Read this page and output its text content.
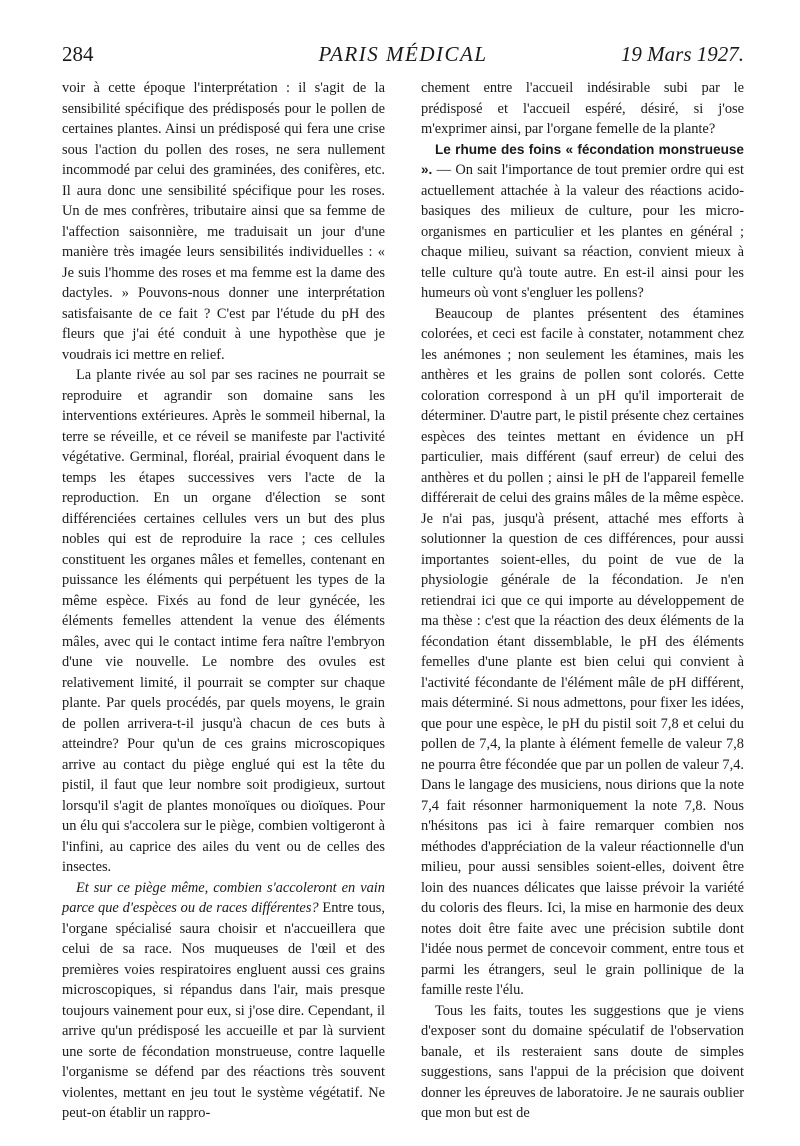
284	PARIS MÉDICAL	19 Mars 1927.

voir à cette époque l'interprétation : il s'agit de la sensibilité spécifique des prédisposés pour le pollen de certaines plantes. Ainsi un prédisposé qui fera une crise sous l'action du pollen des roses, ne sera nullement incommodé par celui des graminées, des conifères, etc. Il aura donc une sensibilité spécifique pour les roses. Un de mes confrères, tributaire ainsi que sa femme de l'affection saisonnière, me traduisait un jour d'une manière très imagée leurs sensibilités individuelles : « Je suis l'homme des roses et ma femme est la dame des dactyles. » Pouvons-nous donner une interprétation satisfaisante de ce fait ? C'est par l'étude du pH des fleurs que j'ai été conduit à une hypothèse que je voudrais ici mettre en relief.

La plante rivée au sol par ses racines ne pourrait se reproduire et agrandir son domaine sans les interventions extérieures. Après le sommeil hibernal, la terre se réveille, et ce réveil se manifeste par l'activité végétative. Germinal, floréal, prairial évoquent dans le temps les étapes successives vers l'acte de la reproduction. En un organe d'élection se sont différenciées certaines cellules vers un but des plus nobles qui est de reproduire la race ; ces cellules constituent les organes mâles et femelles, contenant en puissance les éléments qui perpétuent les types de la même espèce. Fixés au fond de leur gynécée, les éléments femelles attendent la venue des éléments mâles, avec qui le contact intime fera naître l'embryon d'une vie nouvelle. Le nombre des ovules est relativement limité, il pourrait se compter sur chaque plante. Par quels procédés, par quels moyens, le grain de pollen arrivera-t-il jusqu'à chacun de ces buts à atteindre? Pour qu'un de ces grains microscopiques arrive au contact du piège englué qui est la tête du pistil, il faut que leur nombre soit prodigieux, surtout lorsqu'il s'agit de plantes monoïques ou dioïques. Pour un élu qui s'accolera sur le piège, combien voltigeront à l'infini, au caprice des ailes du vent ou de celles des insectes.

Et sur ce piège même, combien s'accoleront en vain parce que d'espèces ou de races différentes? Entre tous, l'organe spécialisé saura choisir et n'accueillera que celui de sa race. Nos muqueuses de l'œil et des premières voies respiratoires engluent aussi ces grains microscopiques, si répandus dans l'air, mais presque toujours vainement pour eux, si j'ose dire. Cependant, il arrive qu'un prédisposé les accueille et par là survient une sorte de fécondation monstrueuse, contre laquelle l'organisme se défend par des réactions très souvent violentes, mettant en jeu tout le système végétatif. Ne peut-on établir un rappro-

chement entre l'accueil indésirable subi par le prédisposé et l'accueil espéré, désiré, si j'ose m'exprimer ainsi, par l'organe femelle de la plante?

Le rhume des foins « fécondation monstrueuse ». — On sait l'importance de tout premier ordre qui est actuellement attachée à la valeur des réactions acido-basiques des milieux de culture, pour les micro-organismes en particulier et les plantes en général ; chaque milieu, suivant sa réaction, convient mieux à telle culture qu'à toute autre. En est-il ainsi pour les humeurs où vont s'engluer les pollens?

Beaucoup de plantes présentent des étamines colorées, et ceci est facile à constater, notamment chez les anémones ; non seulement les étamines, mais les anthères et les grains de pollen sont colorés. Cette coloration correspond à un pH qu'il importerait de déterminer. D'autre part, le pistil présente chez certaines espèces des teintes mettant en évidence un pH particulier, mais différent (sauf erreur) de celui des anthères et du pollen ; ainsi le pH de l'appareil femelle différerait de celui des grains mâles de la même espèce. Je n'ai pas, jusqu'à présent, attaché mes efforts à solutionner la question de ces différences, pour aussi importantes soient-elles, du point de vue de la physiologie générale de la fécondation. Je n'en retiendrai ici que ce qui importe au développement de ma thèse : c'est que la réaction des deux éléments de la fécondation étant dissemblable, le pH des éléments femelles d'une plante est bien celui qui convient à l'activité fécondante de l'élément mâle de pH différent, mais déterminé. Si nous admettons, pour fixer les idées, que pour une espèce, le pH du pistil soit 7,8 et celui du pollen de 7,4, la plante à élément femelle de valeur 7,8 ne pourra être fécondée que par un pollen de valeur 7,4. Dans le langage des musiciens, nous dirions que la note 7,4 fait résonner harmoniquement la note 7,8. Nous n'hésitons pas ici à faire remarquer combien nos méthodes d'appréciation de la valeur réactionnelle d'un milieu, pour aussi sensibles soient-elles, doivent être loin des nuances délicates que laisse prévoir la variété du coloris des fleurs. Ici, la mise en harmonie des deux notes doit être faite avec une précision subtile dont l'idée nous permet de concevoir comment, entre tous et parmi les étrangers, seul le grain pollinique de la famille reste l'élu.

Tous les faits, toutes les suggestions que je viens d'exposer sont du domaine spéculatif de l'observation banale, et ils resteraient sans doute de simples suggestions, sans l'appui de la précision que doivent donner les épreuves de laboratoire. Je ne saurais oublier que mon but est de
